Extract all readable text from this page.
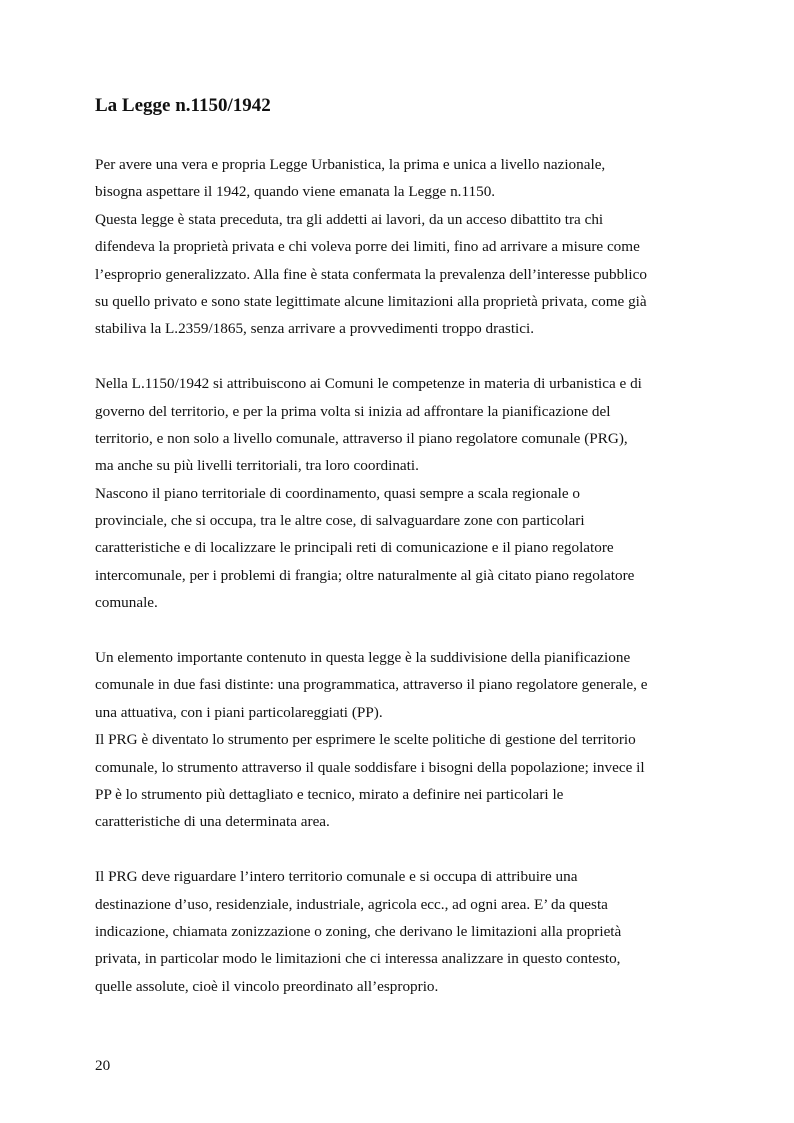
La Legge n.1150/1942
Per avere una vera e propria Legge Urbanistica, la prima e unica a livello nazionale,
bisogna aspettare il 1942, quando viene emanata la Legge n.1150.
Questa legge è stata preceduta, tra gli addetti ai lavori, da un acceso dibattito tra chi
difendeva la proprietà privata e chi voleva porre dei limiti, fino ad arrivare a misure come
l’esproprio generalizzato. Alla fine è stata confermata la prevalenza dell’interesse pubblico
su quello privato e sono state legittimate alcune limitazioni alla proprietà privata, come già
stabiliva la L.2359/1865, senza arrivare a provvedimenti troppo drastici.
Nella L.1150/1942 si attribuiscono ai Comuni le competenze in materia di urbanistica e di
governo del territorio, e per la prima volta si inizia ad affrontare la pianificazione del
territorio, e non solo a livello comunale, attraverso il piano regolatore comunale (PRG),
ma anche su più livelli territoriali, tra loro coordinati.
Nascono il piano territoriale di coordinamento, quasi sempre a scala regionale o
provinciale, che si occupa, tra le altre cose, di salvaguardare zone con particolari
caratteristiche e di localizzare le principali reti di comunicazione e il piano regolatore
intercomunale, per i problemi di frangia; oltre naturalmente al già citato piano regolatore
comunale.
Un elemento importante contenuto in questa legge è la suddivisione della pianificazione
comunale in due fasi distinte: una programmatica, attraverso il piano regolatore generale, e
una attuativa, con i piani particolareggiati (PP).
Il PRG è diventato lo strumento per esprimere le scelte politiche di gestione del territorio
comunale, lo strumento attraverso il quale soddisfare i bisogni della popolazione; invece il
PP è lo strumento più dettagliato e tecnico, mirato a definire nei particolari le
caratteristiche di una determinata area.
Il PRG deve riguardare l’intero territorio comunale e si occupa di attribuire una
destinazione d’uso, residenziale, industriale, agricola ecc., ad ogni area. E’ da questa
indicazione, chiamata zonizzazione o zoning, che derivano le limitazioni alla proprietà
privata, in particolar modo le limitazioni che ci interessa analizzare in questo contesto,
quelle assolute, cioè il vincolo preordinato all’esproprio.
20
